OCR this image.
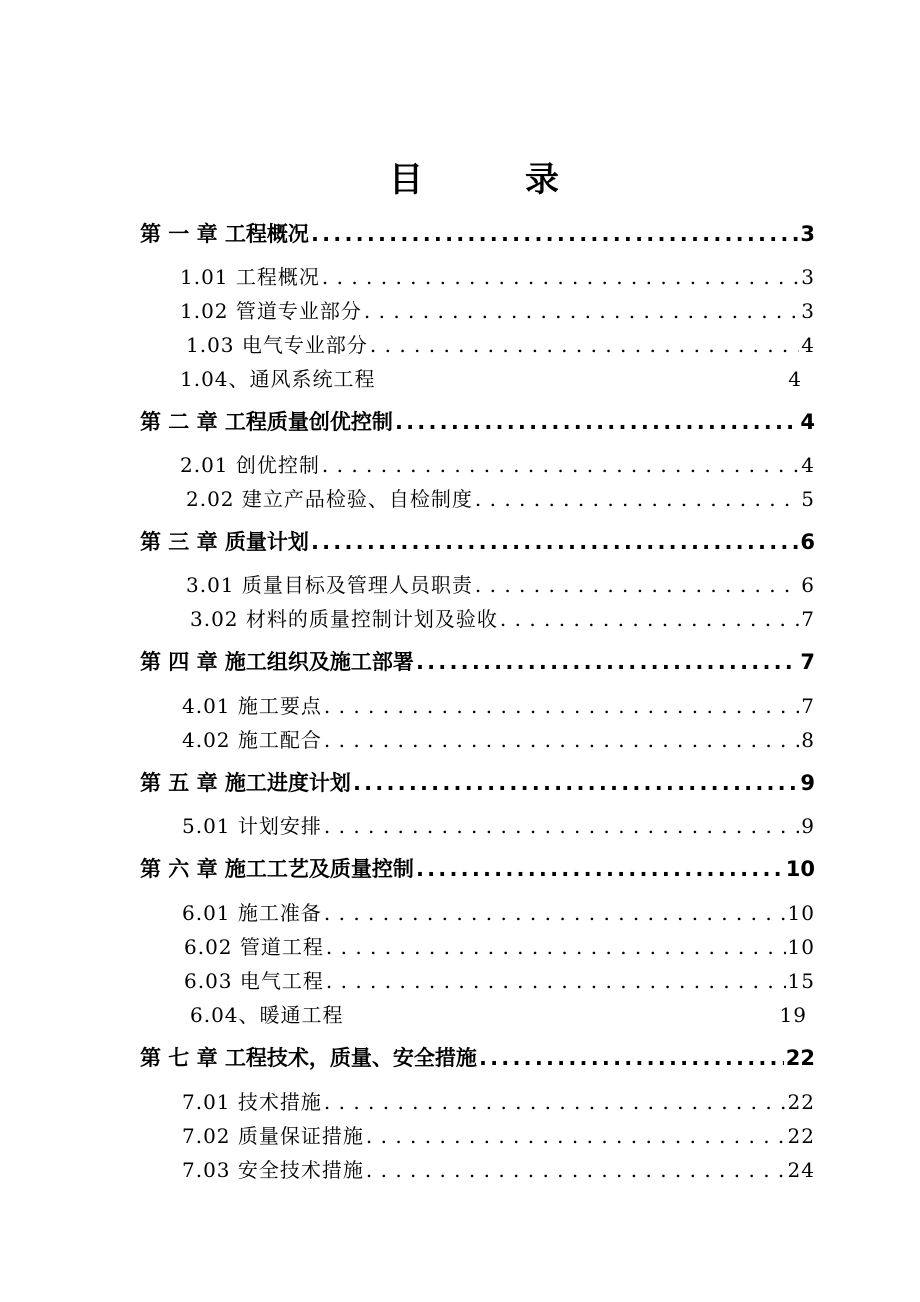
目	录
第 一 章 工程概况 .....	3
1.01 工程概况 . . .	3
1.02 管道专业部分 . . .	3
1.03 电气专业部分 . . .	4
1.04、通风系统工程	4
第 二 章 工程质量创优控制 .....	4
2.01 创优控制 . . .	4
2.02 建立产品检验、自检制度 . . .	5
第 三 章 质量计划 .....	6
3.01 质量目标及管理人员职责 . . .	6
3.02 材料的质量控制计划及验收 . . .	7
第 四 章 施工组织及施工部署 .....	7
4.01 施工要点 . . .	7
4.02 施工配合 . . .	8
第 五 章 施工进度计划 .....	9
5.01 计划安排 . . .	9
第 六 章 施工工艺及质量控制 .....	10
6.01 施工准备 . . .	10
6.02 管道工程 . . .	10
6.03 电气工程 . . .	15
6.04、暖通工程	19
第 七 章 工程技术，质量、安全措施 .....	22
7.01 技术措施 . . .	22
7.02 质量保证措施 . . .	22
7.03 安全技术措施 . . .	24
